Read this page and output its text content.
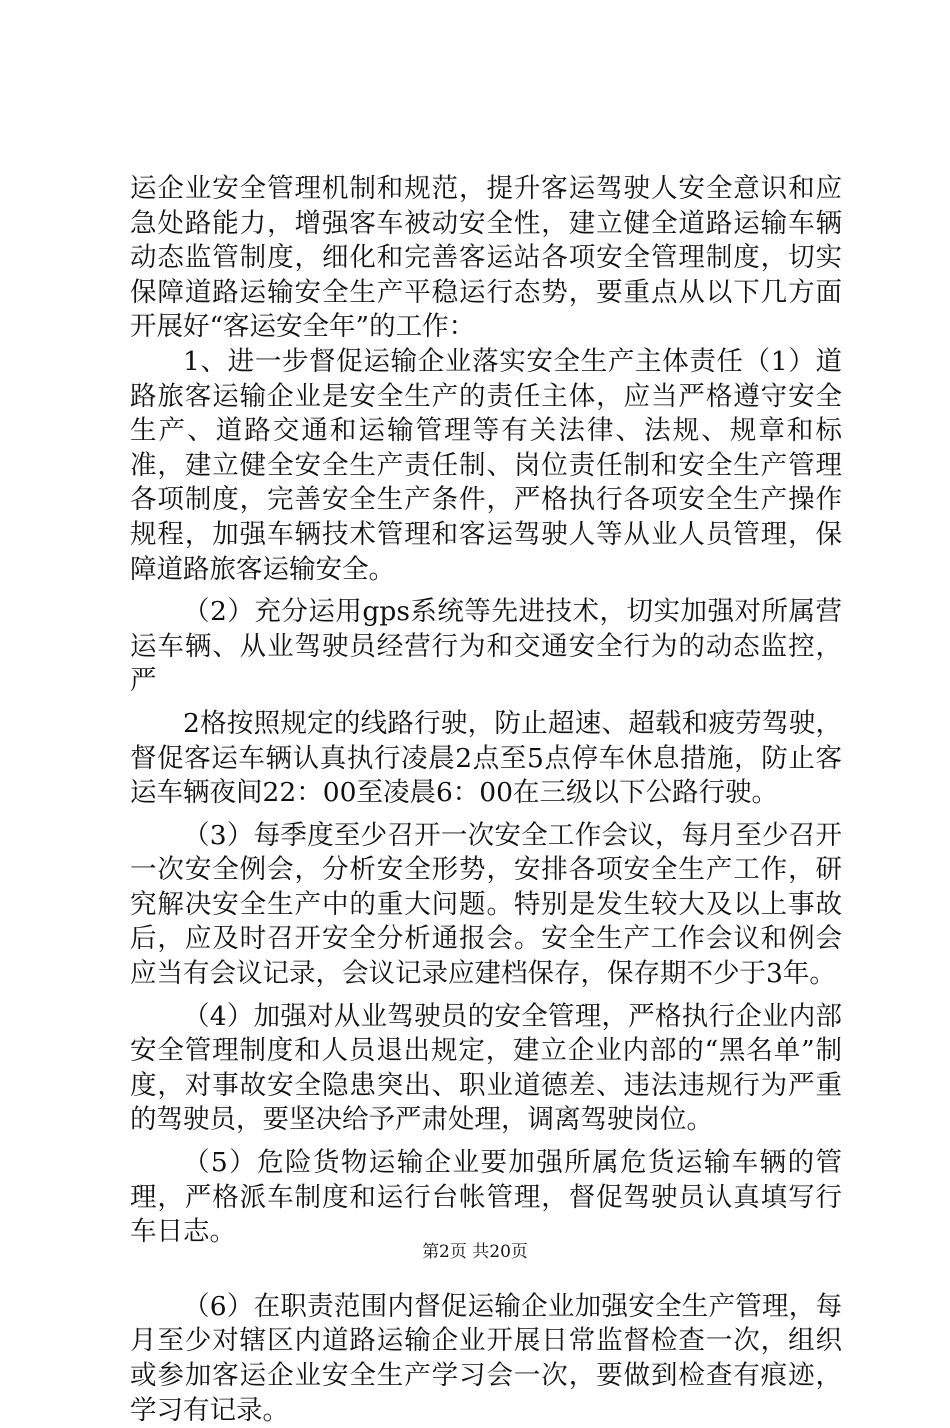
运企业安全管理机制和规范，提升客运驾驶人安全意识和应急处路能力，增强客车被动安全性，建立健全道路运输车辆动态监管制度，细化和完善客运站各项安全管理制度，切实保障道路运输安全生产平稳运行态势，要重点从以下几方面开展好“客运安全年”的工作：

1、进一步督促运输企业落实安全生产主体责任（1）道路旅客运输企业是安全生产的责任主体，应当严格遵守安全生产、道路交通和运输管理等有关法律、法规、规章和标准，建立健全安全生产责任制、岗位责任制和安全生产管理各项制度，完善安全生产条件，严格执行各项安全生产操作规程，加强车辆技术管理和客运驾驶人等从业人员管理，保障道路旅客运输安全。

（2）充分运用gps系统等先进技术，切实加强对所属营运车辆、从业驾驶员经营行为和交通安全行为的动态监控，严

2格按照规定的线路行驶，防止超速、超载和疲劳驾驶，督促客运车辆认真执行凌晨2点至5点停车休息措施，防止客运车辆夜间22：00至凌晨6：00在三级以下公路行驶。

（3）每季度至少召开一次安全工作会议，每月至少召开一次安全例会，分析安全形势，安排各项安全生产工作，研究解决安全生产中的重大问题。特别是发生较大及以上事故后，应及时召开安全分析通报会。安全生产工作会议和例会应当有会议记录，会议记录应建档保存，保存期不少于3年。

（4）加强对从业驾驶员的安全管理，严格执行企业内部安全管理制度和人员退出规定，建立企业内部的“黑名单”制度，对事故安全隐患突出、职业道德差、违法违规行为严重的驾驶员，要坚决给予严肃处理，调离驾驶岗位。

（5）危险货物运输企业要加强所属危货运输车辆的管理，严格派车制度和运行台帐管理，督促驾驶员认真填写行车日志。

（6）在职责范围内督促运输企业加强安全生产管理，每月至少对辖区内道路运输企业开展日常监督检查一次，组织或参加客运企业安全生产学习会一次，要做到检查有痕迹，学习有记录。

第2页 共20页
